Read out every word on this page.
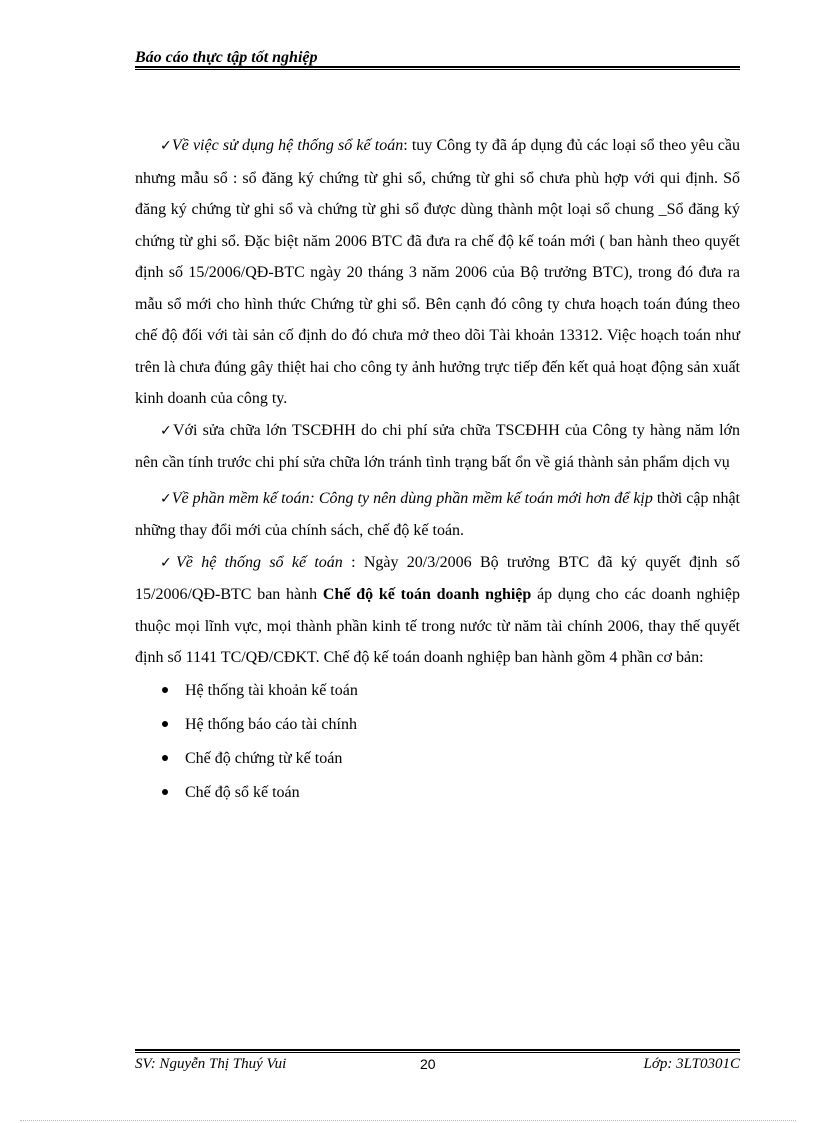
Báo cáo thực tập tốt nghiệp

✓Về việc sử dụng hệ thống sổ kế toán: tuy Công ty đã áp dụng đủ các loại sổ theo yêu cầu nhưng mẫu sổ : sổ đăng ký chứng từ ghi sổ, chứng từ ghi sổ chưa phù hợp với qui định. Sổ đăng ký chứng từ ghi sổ và chứng từ ghi sổ được dùng thành một loại sổ chung _Sổ đăng ký chứng từ ghi sổ. Đặc biệt năm 2006 BTC đã đưa ra chế độ kế toán mới ( ban hành theo quyết định số 15/2006/QĐ-BTC ngày 20 tháng 3 năm 2006 của Bộ trưởng BTC), trong đó đưa ra mẫu sổ mới cho hình thức Chứng từ ghi sổ. Bên cạnh đó công ty chưa hoạch toán đúng theo chế độ đối với tài sản cố định do đó chưa mở theo dõi Tài khoản 13312. Việc hoạch toán như trên là chưa đúng gây thiệt hai cho công ty ảnh hưởng trực tiếp đến kết quả hoạt động sản xuất kinh doanh của công ty.

✓Với sửa chữa lớn TSCĐHH do chi phí sửa chữa TSCĐHH của Công ty hàng năm lớn nên cần tính trước chi phí sửa chữa lớn tránh tình trạng bất ổn về giá thành sản phẩm dịch vụ

✓Về phần mềm kế toán: Công ty nên dùng phần mềm kế toán mới hơn để kịp thời cập nhật những thay đổi mới của chính sách, chế độ kế toán.

✓Về hệ thống sổ kế toán : Ngày 20/3/2006 Bộ trưởng BTC đã ký quyết định số 15/2006/QĐ-BTC ban hành Chế độ kế toán doanh nghiệp áp dụng cho các doanh nghiệp thuộc mọi lĩnh vực, mọi thành phần kinh tế trong nước từ năm tài chính 2006, thay thế quyết định số 1141 TC/QĐ/CĐKT. Chế độ kế toán doanh nghiệp ban hành gồm 4 phần cơ bản:

Hệ thống tài khoản kế toán
Hệ thống báo cáo tài chính
Chế độ chứng từ kế toán
Chế độ sổ kế toán
SV: Nguyễn Thị Thuý Vui	20	Lớp: 3LT0301C
